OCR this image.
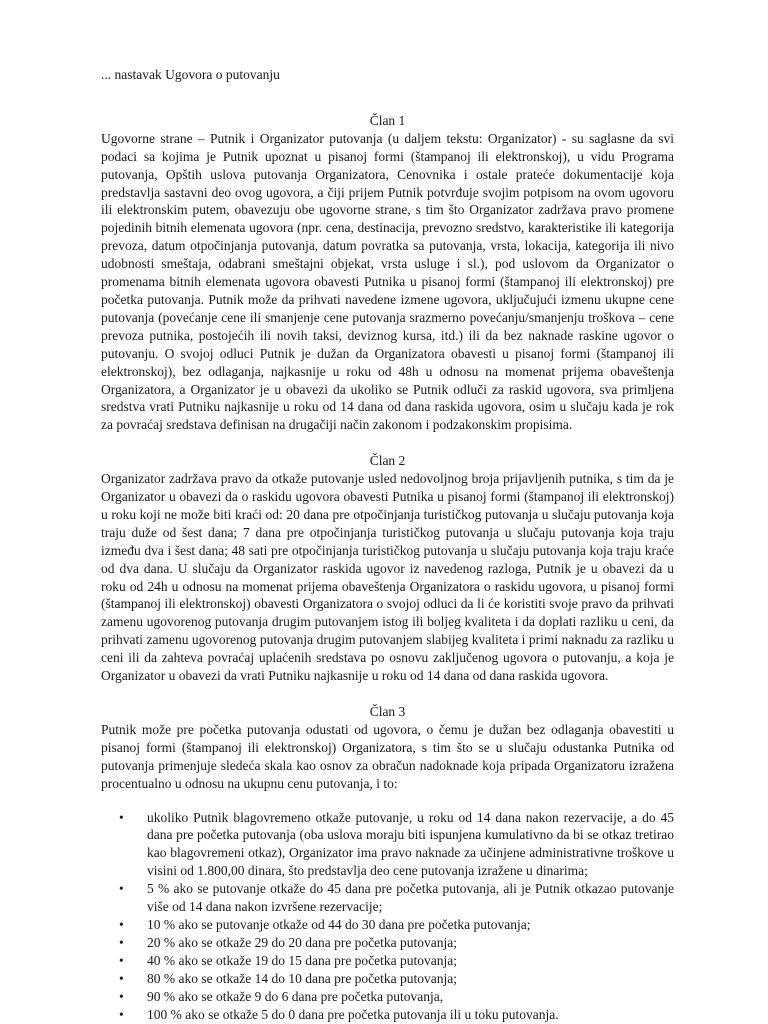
... nastavak Ugovora o putovanju

Član 1

Ugovorne strane – Putnik i Organizator putovanja (u daljem tekstu: Organizator) - su saglasne da svi podaci sa kojima je Putnik upoznat u pisanoj formi (štampanoj ili elektronskoj), u vidu Programa putovanja, Opštih uslova putovanja Organizatora, Cenovnika i ostale prateće dokumentacije koja predstavlja sastavni deo ovog ugovora, a čiji prijem Putnik potvrđuje svojim potpisom na ovom ugovoru ili elektronskim putem, obavezuju obe ugovorne strane, s tim što Organizator zadržava pravo promene pojedinih bitnih elemenata ugovora (npr. cena, destinacija, prevozno sredstvo, karakteristike ili kategorija prevoza, datum otpočinjanja putovanja, datum povratka sa putovanja, vrsta, lokacija, kategorija ili nivo udobnosti smeštaja, odabrani smeštajni objekat, vrsta usluge i sl.), pod uslovom da Organizator o promenama bitnih elemenata ugovora obavesti Putnika u pisanoj formi (štampanoj ili elektronskoj) pre početka putovanja. Putnik može da prihvati navedene izmene ugovora, uključujući izmenu ukupne cene putovanja (povećanje cene ili smanjenje cene putovanja srazmerno povećanju/smanjenju troškova – cene prevoza putnika, postojećih ili novih taksi, deviznog kursa, itd.) ili da bez naknade raskine ugovor o putovanju. O svojoj odluci Putnik je dužan da Organizatora obavesti u pisanoj formi (štampanoj ili elektronskoj), bez odlaganja, najkasnije u roku od 48h u odnosu na momenat prijema obaveštenja Organizatora, a Organizator je u obavezi da ukoliko se Putnik odluči za raskid ugovora, sva primljena sredstva vrati Putniku najkasnije u roku od 14 dana od dana raskida ugovora, osim u slučaju kada je rok za povraćaj sredstava definisan na drugačiji način zakonom i podzakonskim propisima.

Član 2

Organizator zadržava pravo da otkaže putovanje usled nedovoljnog broja prijavljenih putnika, s tim da je Organizator u obavezi da o raskidu ugovora obavesti Putnika u pisanoj formi (štampanoj ili elektronskoj) u roku koji ne može biti kraći od: 20 dana pre otpočinjanja turističkog putovanja u slučaju putovanja koja traju duže od šest dana; 7 dana pre otpočinjanja turističkog putovanja u slučaju putovanja koja traju između dva i šest dana; 48 sati pre otpočinjanja turističkog putovanja u slučaju putovanja koja traju kraće od dva dana. U slučaju da Organizator raskida ugovor iz navedenog razloga, Putnik je u obavezi da u roku od 24h u odnosu na momenat prijema obaveštenja Organizatora o raskidu ugovora, u pisanoj formi (štampanoj ili elektronskoj) obavesti Organizatora o svojoj odluci da li će koristiti svoje pravo da prihvati zamenu ugovorenog putovanja drugim putovanjem istog ili boljeg kvaliteta i da doplati razliku u ceni, da prihvati zamenu ugovorenog putovanja drugim putovanjem slabijeg kvaliteta i primi naknadu za razliku u ceni ili da zahteva povraćaj uplaćenih sredstava po osnovu zaključenog ugovora o putovanju, a koja je Organizator u obavezi da vrati Putniku najkasnije u roku od 14 dana od dana raskida ugovora.

Član 3

Putnik može pre početka putovanja odustati od ugovora, o čemu je dužan bez odlaganja obavestiti u pisanoj formi (štampanoj ili elektronskoj) Organizatora, s tim što se u slučaju odustanka Putnika od putovanja primenjuje sledeća skala kao osnov za obračun nadoknade koja pripada Organizatoru izražena procentualno u odnosu na ukupnu cenu putovanja, i to:

• ukoliko Putnik blagovremeno otkaže putovanje, u roku od 14 dana nakon rezervacije, a do 45 dana pre početka putovanja (oba uslova moraju biti ispunjena kumulativno da bi se otkaz tretirao kao blagovremeni otkaz), Organizator ima pravo naknade za učinjene administrativne troškove u visini od 1.800,00 dinara, što predstavlja deo cene putovanja izražene u dinarima;
• 5 % ako se putovanje otkaže do 45 dana pre početka putovanja, ali je Putnik otkazao putovanje više od 14 dana nakon izvršene rezervacije;
• 10 % ako se putovanje otkaže od 44 do 30 dana pre početka putovanja;
• 20 % ako se otkaže 29 do 20 dana pre početka putovanja;
• 40 % ako se otkaže 19 do 15 dana pre početka putovanja;
• 80 % ako se otkaže 14 do 10 dana pre početka putovanja;
• 90 % ako se otkaže 9 do 6 dana pre početka putovanja,
• 100 % ako se otkaže 5 do 0 dana pre početka putovanja ili u toku putovanja.
